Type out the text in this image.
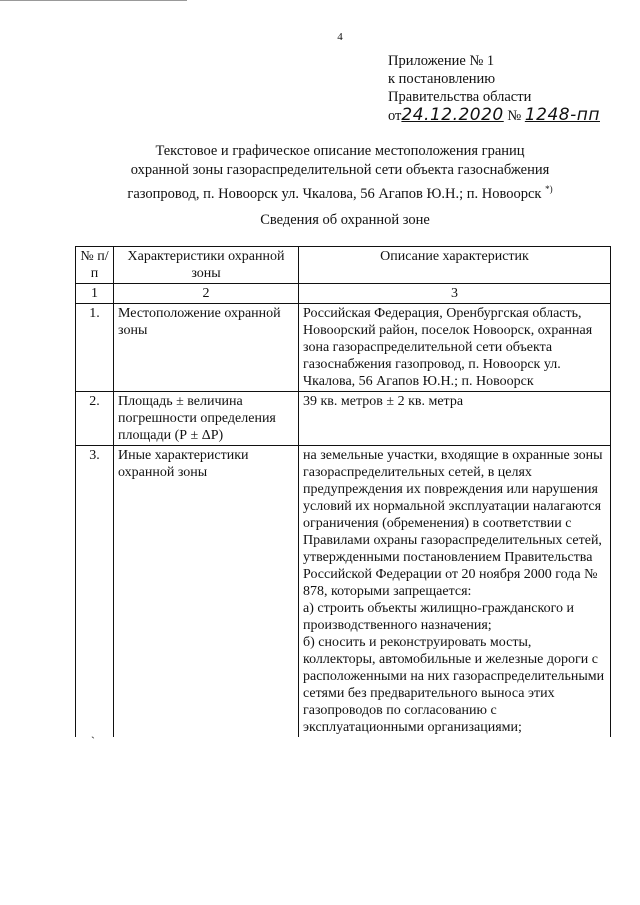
4
Приложение № 1
к постановлению
Правительства области
от24.12.2020 № 1248-пп
Текстовое и графическое описание местоположения границ
охранной зоны газораспределительной сети объекта газоснабжения
газопровод, п. Новоорск ул. Чкалова, 56 Агапов Ю.Н.; п. Новоорск *)
Сведения об охранной зоне
№ п/п	Характеристики охранной зоны	Описание характеристик
1	2	3
1.	Местоположение охранной зоны	Российская Федерация, Оренбургская область, Новоорский район, поселок Новоорск, охранная зона газораспределительной сети объекта газоснабжения газопровод, п. Новоорск ул. Чкалова, 56 Агапов Ю.Н.; п. Новоорск
2.	Площадь ± величина погрешности определения площади (Р ± ΔР)	39 кв. метров ± 2 кв. метра
3.	Иные характеристики охранной зоны	на земельные участки, входящие в охранные зоны газораспределительных сетей, в целях предупреждения их повреждения или нарушения условий их нормальной эксплуатации налагаются ограничения (обременения) в соответствии с Правилами охраны газораспределительных сетей, утвержденными постановлением Правительства Российской Федерации от 20 ноября 2000 года № 878, которыми запрещается:

а) строить объекты жилищно-гражданского и производственного назначения;

б) сносить и реконструировать мосты, коллекторы, автомобильные и железные дороги с расположенными на них газораспределительными сетями без предварительного выноса этих газопроводов по согласованию с эксплуатационными организациями;

`
